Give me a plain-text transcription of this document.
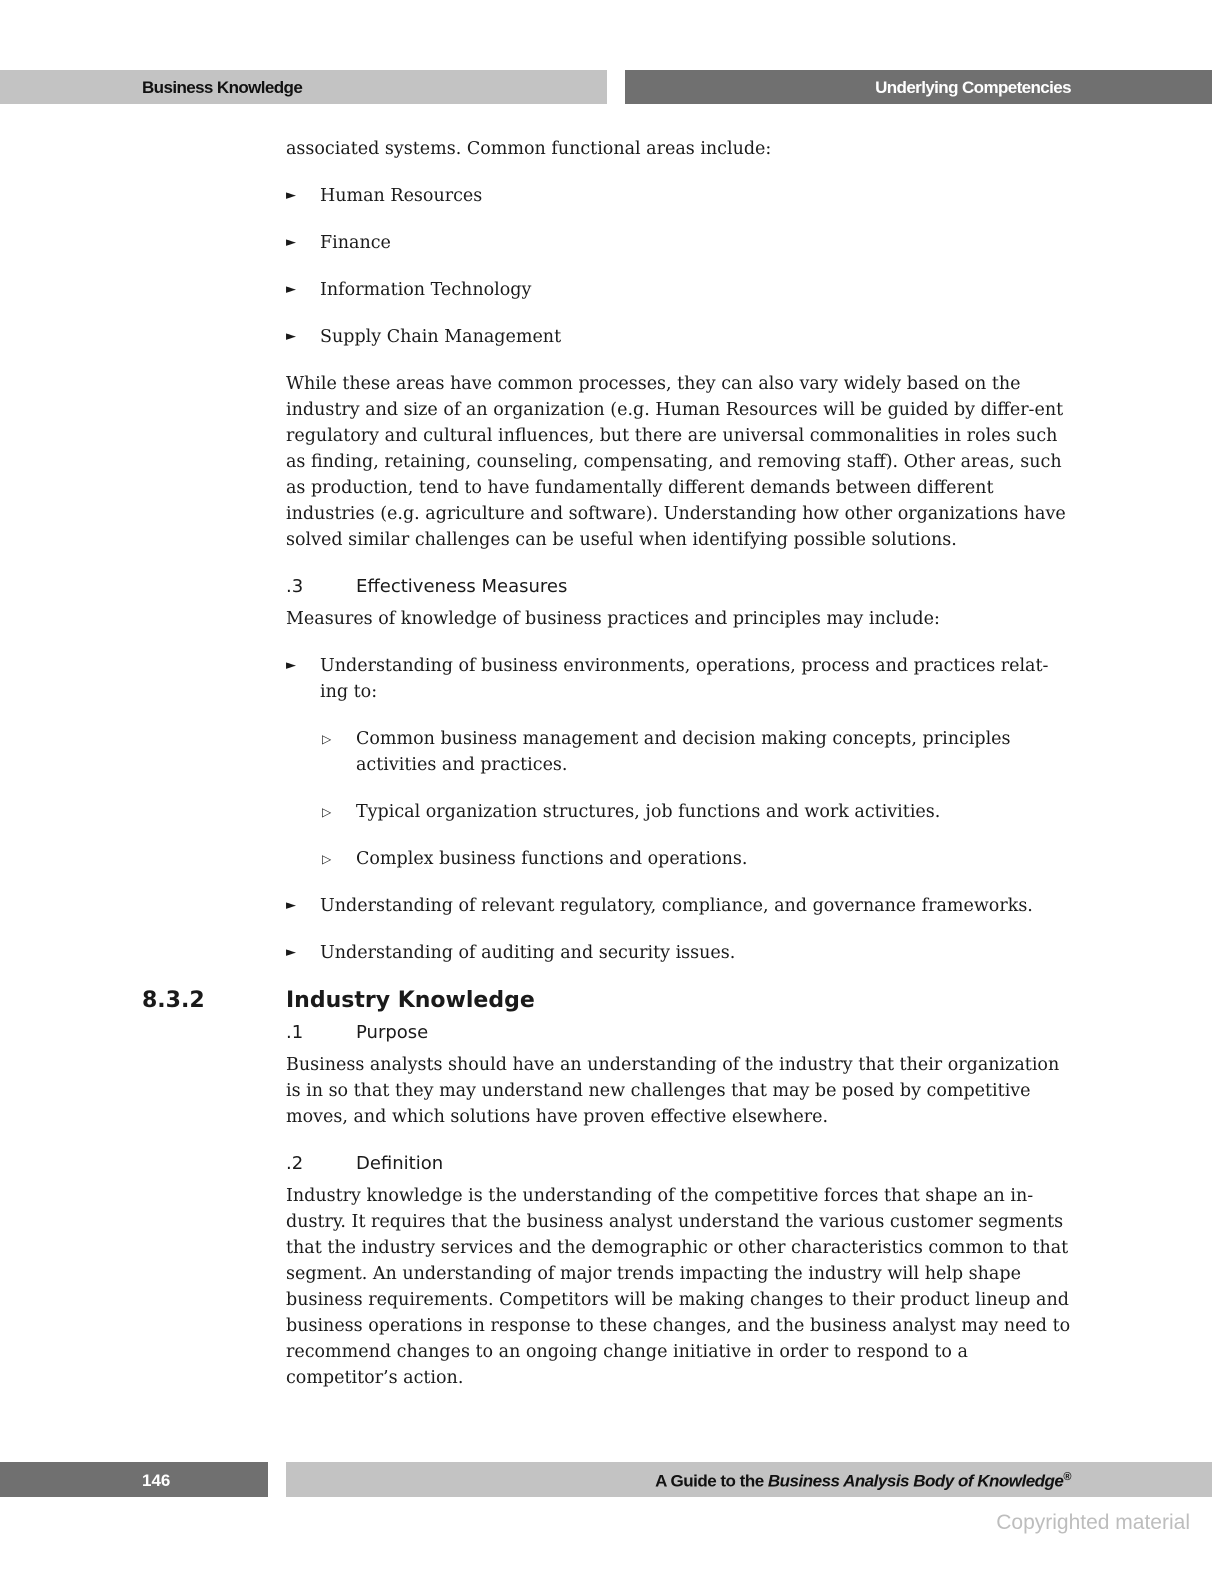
Business Knowledge	Underlying Competencies

associated systems. Common functional areas include:

► Human Resources
► Finance
► Information Technology
► Supply Chain Management

While these areas have common processes, they can also vary widely based on the industry and size of an organization (e.g. Human Resources will be guided by differ-ent regulatory and cultural influences, but there are universal commonalities in roles such as finding, retaining, counseling, compensating, and removing staff). Other areas, such as production, tend to have fundamentally different demands between different industries (e.g. agriculture and software). Understanding how other organizations have solved similar challenges can be useful when identifying possible solutions.

.3	Effectiveness Measures

Measures of knowledge of business practices and principles may include:

► Understanding of business environments, operations, process and practices relat-ing to:
▷ Common business management and decision making concepts, principles activities and practices.
▷ Typical organization structures, job functions and work activities.
▷ Complex business functions and operations.
► Understanding of relevant regulatory, compliance, and governance frameworks.
► Understanding of auditing and security issues.
8.3.2	Industry Knowledge
.1	Purpose

Business analysts should have an understanding of the industry that their organization is in so that they may understand new challenges that may be posed by competitive moves, and which solutions have proven effective elsewhere.

.2	Definition

Industry knowledge is the understanding of the competitive forces that shape an in-dustry. It requires that the business analyst understand the various customer segments that the industry services and the demographic or other characteristics common to that segment. An understanding of major trends impacting the industry will help shape business requirements. Competitors will be making changes to their product lineup and business operations in response to these changes, and the business analyst may need to recommend changes to an ongoing change initiative in order to respond to a competitor’s action.

146	A Guide to the Business Analysis Body of Knowledge®
Copyrighted material
